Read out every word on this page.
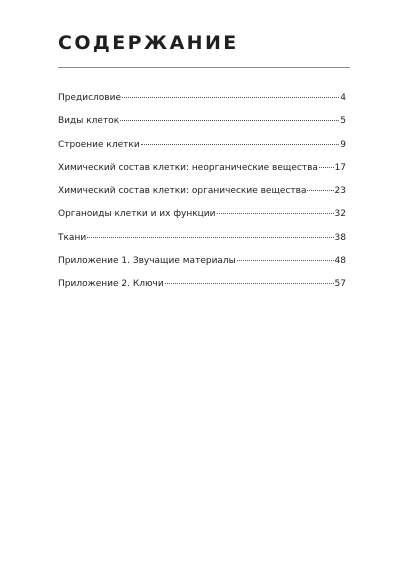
СОДЕРЖАНИЕ
Предисловие	4
Виды клеток	5
Строение клетки	9
Химический состав клетки: неорганические вещества 17
Химический состав клетки: органические вещества	23
Органоиды клетки и их функции	32
Ткани	38
Приложение 1. Звучащие материалы	48
Приложение 2. Ключи	57
